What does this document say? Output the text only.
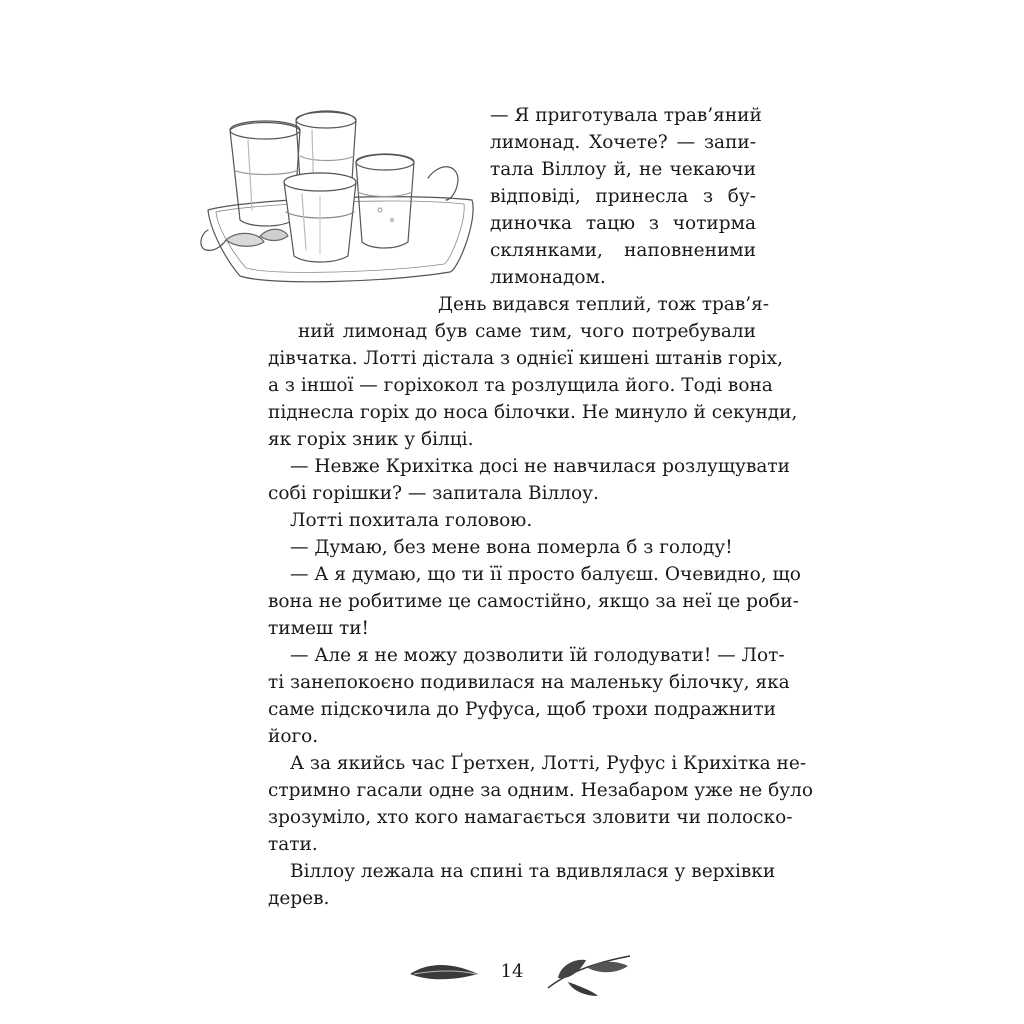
— Я приготувала трав’яний
лимонад. Хочете? — запи-
тала Віллоу й, не чекаючи
відповіді, принесла з бу-
диночка тацю з чотирма
склянками, наповненими
лимонадом.
День видався теплий, тож трав’я-
ний лимонад був саме тим, чого потребували
дівчатка. Лотті дістала з однієї кишені штанів горіх,
а з іншої — горіхокол та розлущила його. Тоді вона
піднесла горіх до носа білочки. Не минуло й секунди,
як горіх зник у білці.
— Невже Крихітка досі не навчилася розлущувати
собі горішки? — запитала Віллоу.
Лотті похитала головою.
— Думаю, без мене вона померла б з голоду!
— А я думаю, що ти її просто балуєш. Очевидно, що
вона не робитиме це самостійно, якщо за неї це роби-
тимеш ти!
— Але я не можу дозволити їй голодувати! — Лот-
ті занепокоєно подивилася на маленьку білочку, яка
саме підскочила до Руфуса, щоб трохи подражнити
його.
А за якийсь час Ґретхен, Лотті, Руфус і Крихітка не-
стримно гасали одне за одним. Незабаром уже не було
зрозуміло, хто кого намагається зловити чи полоско-
тати.
Віллоу лежала на спині та вдивлялася у верхівки
дерев.
14
